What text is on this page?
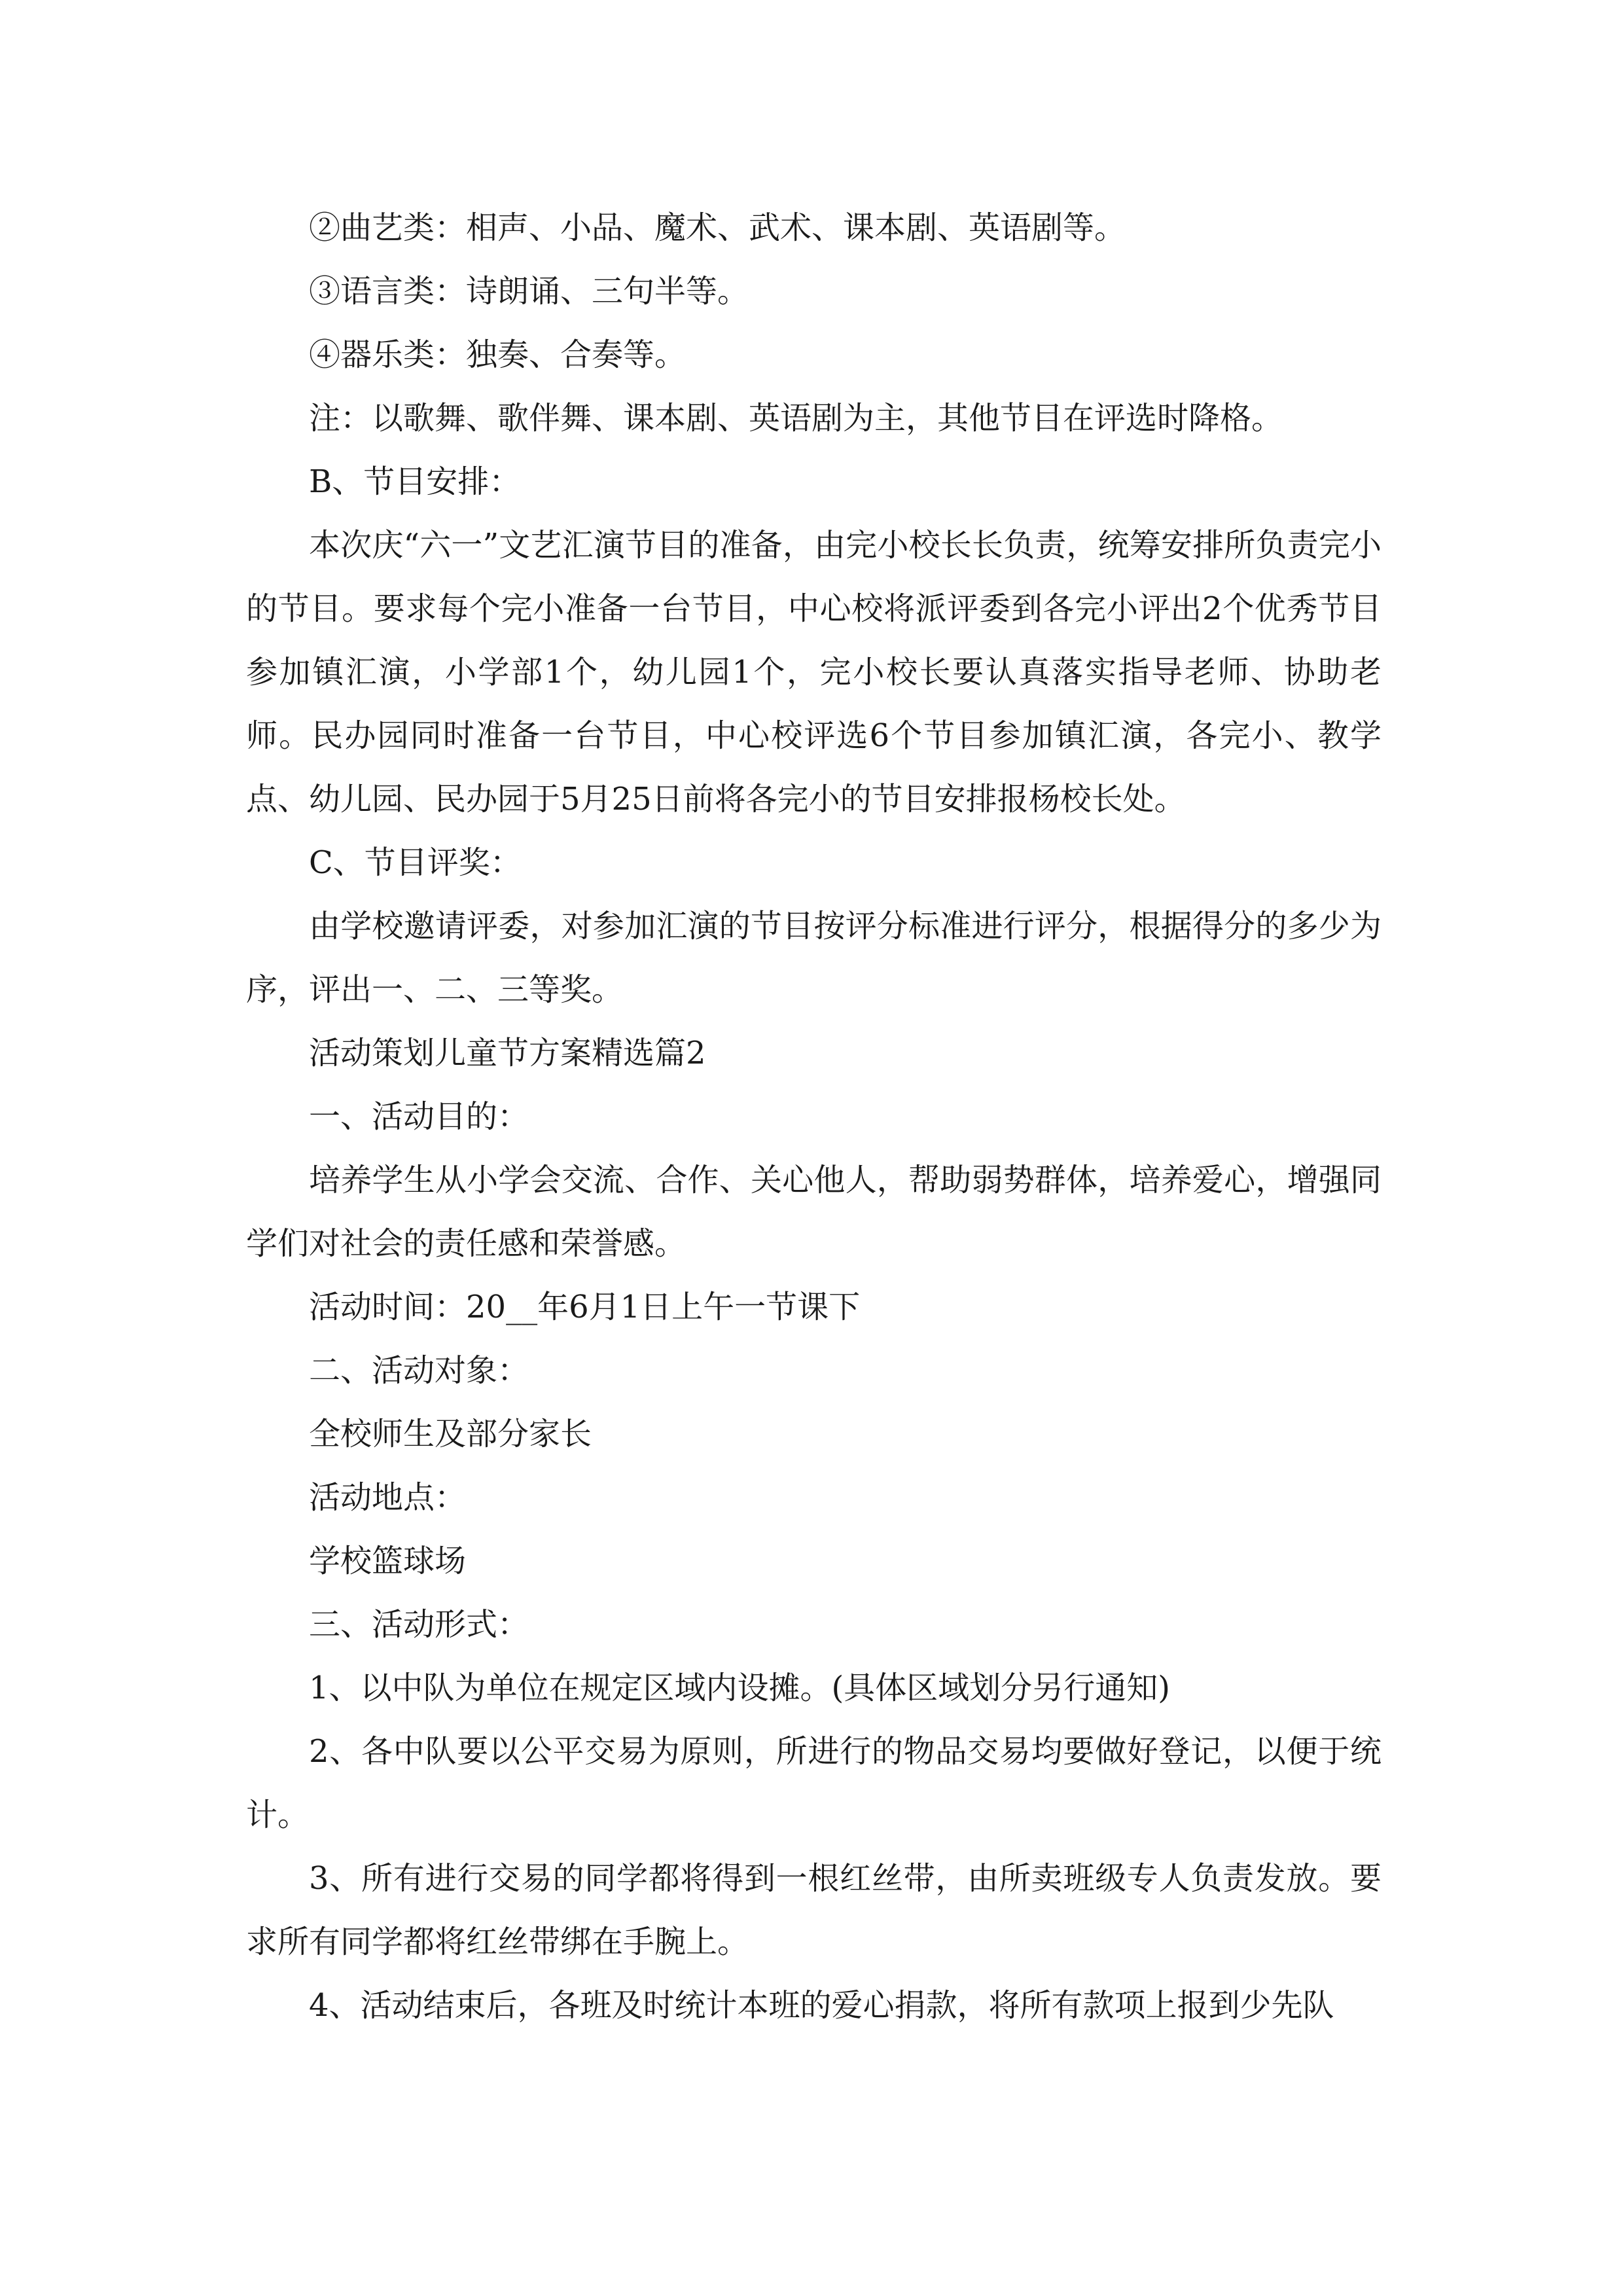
②曲艺类：相声、小品、魔术、武术、课本剧、英语剧等。

③语言类：诗朗诵、三句半等。

④器乐类：独奏、合奏等。

注：以歌舞、歌伴舞、课本剧、英语剧为主，其他节目在评选时降格。

B、节目安排：

本次庆“六一”文艺汇演节目的准备，由完小校长长负责，统筹安排所负责完小的节目。要求每个完小准备一台节目，中心校将派评委到各完小评出2个优秀节目参加镇汇演，小学部1个，幼儿园1个，完小校长要认真落实指导老师、协助老师。民办园同时准备一台节目，中心校评选6个节目参加镇汇演，各完小、教学点、幼儿园、民办园于5月25日前将各完小的节目安排报杨校长处。

C、节目评奖：

由学校邀请评委，对参加汇演的节目按评分标准进行评分，根据得分的多少为序，评出一、二、三等奖。

活动策划儿童节方案精选篇2

一、活动目的：

培养学生从小学会交流、合作、关心他人，帮助弱势群体，培养爱心，增强同学们对社会的责任感和荣誉感。

活动时间：20__年6月1日上午一节课下

二、活动对象：

全校师生及部分家长

活动地点：

学校篮球场

三、活动形式：

1、以中队为单位在规定区域内设摊。(具体区域划分另行通知)

2、各中队要以公平交易为原则，所进行的物品交易均要做好登记，以便于统计。

3、所有进行交易的同学都将得到一根红丝带，由所卖班级专人负责发放。要求所有同学都将红丝带绑在手腕上。

4、活动结束后，各班及时统计本班的爱心捐款，将所有款项上报到少先队
